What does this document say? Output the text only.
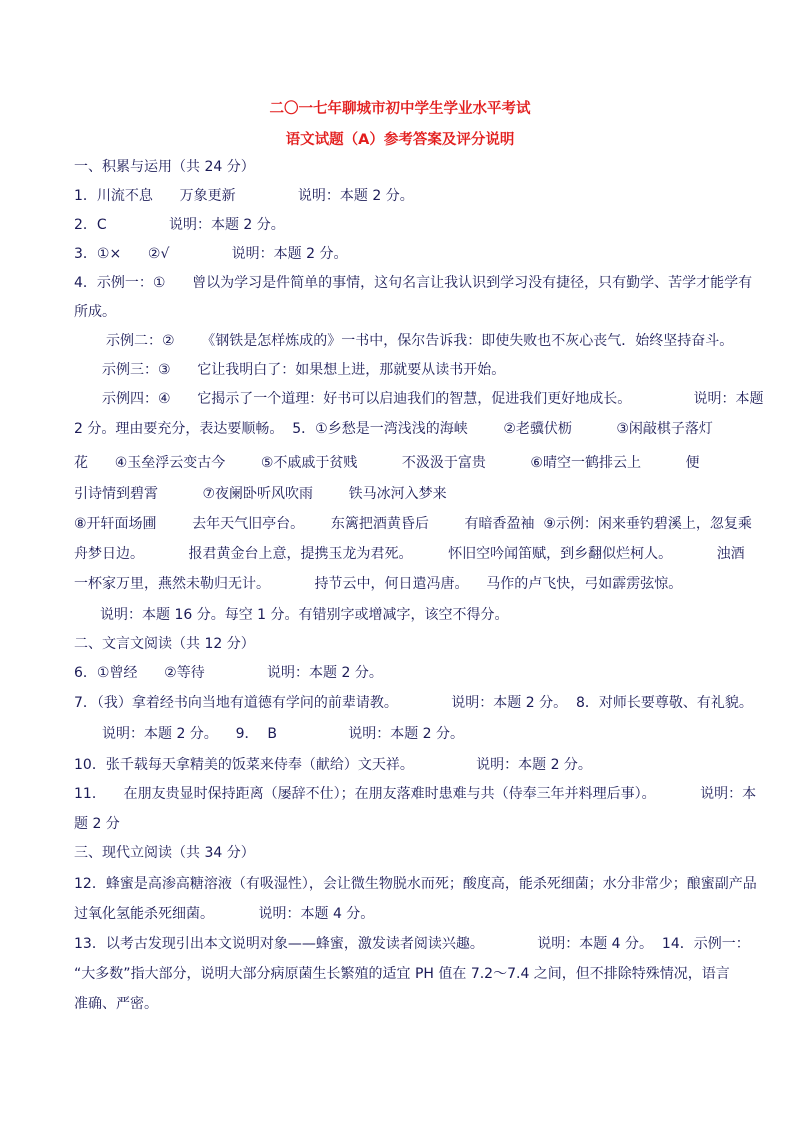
二〇一七年聊城市初中学生学业水平考试
语文试题（A）参考答案及评分说明
一、积累与运用（共 24 分）
1．川流不息      万象更新              说明：本题 2 分。
2．C              说明：本题 2 分。
3．①×      ②√              说明：本题 2 分。
4．示例一：①      曾以为学习是件简单的事情，这句名言让我认识到学习没有捷径，只有勤学、苦学才能学有
所成。
示例二：②      《钢铁是怎样炼成的》一书中，保尔告诉我：即使失败也不灰心丧气．始终坚持奋斗。
示例三：③      它让我明白了：如果想上进，那就要从读书开始。
示例四：④      它揭示了一个道理：好书可以启迪我们的智慧，促进我们更好地成长。              说明：本题
2 分。理由要充分，表达要顺畅。  5．①乡愁是一湾浅浅的海峡        ②老骥伏枥          ③闲敲棋子落灯
花      ④玉垒浮云变古今        ⑤不戚戚于贫贱          不汲汲于富贵          ⑥晴空一鹤排云上          便
引诗情到碧霄          ⑦夜阑卧听风吹雨        铁马冰河入梦来
⑧开轩面场圃        去年天气旧亭台。      东篱把酒黄昏后        有暗香盈袖  ⑨示例：闲来垂钓碧溪上，忽复乘
舟梦日边。          报君黄金台上意，提携玉龙为君死。        怀旧空吟闻笛赋，到乡翻似烂柯人。          浊酒
一杯家万里，燕然未勒归无计。          持节云中，何日遣冯唐。    马作的卢飞快，弓如霹雳弦惊。
说明：本题 16 分。每空 1 分。有错别字或增减字，该空不得分。
二、文言文阅读（共 12 分）
6．①曾经      ②等待              说明：本题 2 分。
7．（我）拿着经书向当地有道德有学问的前辈请教。            说明：本题 2 分。  8．对师长要尊敬、有礼貌。
说明：本题 2 分。    9．  B                说明：本题 2 分。
10．张千载每天拿精美的饭菜来侍奉（献给）文天祥。              说明：本题 2 分。
11．    在朋友贵显时保持距离（屡辞不仕）；在朋友落难时患难与共（侍奉三年并料理后事）。          说明：本
题 2 分
三、现代立阅读（共 34 分）
12．蜂蜜是高渗高糖溶液（有吸湿性），会让微生物脱水而死；酸度高，能杀死细菌；水分非常少；酿蜜副产品
过氧化氢能杀死细菌。          说明：本题 4 分。
13．以考古发现引出本文说明对象——蜂蜜，激发读者阅读兴趣。            说明：本题 4 分。  14．示例一：
“大多数”指大部分，说明大部分病原菌生长繁殖的适宜 PH 值在 7.2～7.4 之间，但不排除特殊情况，语言
准确、严密。
